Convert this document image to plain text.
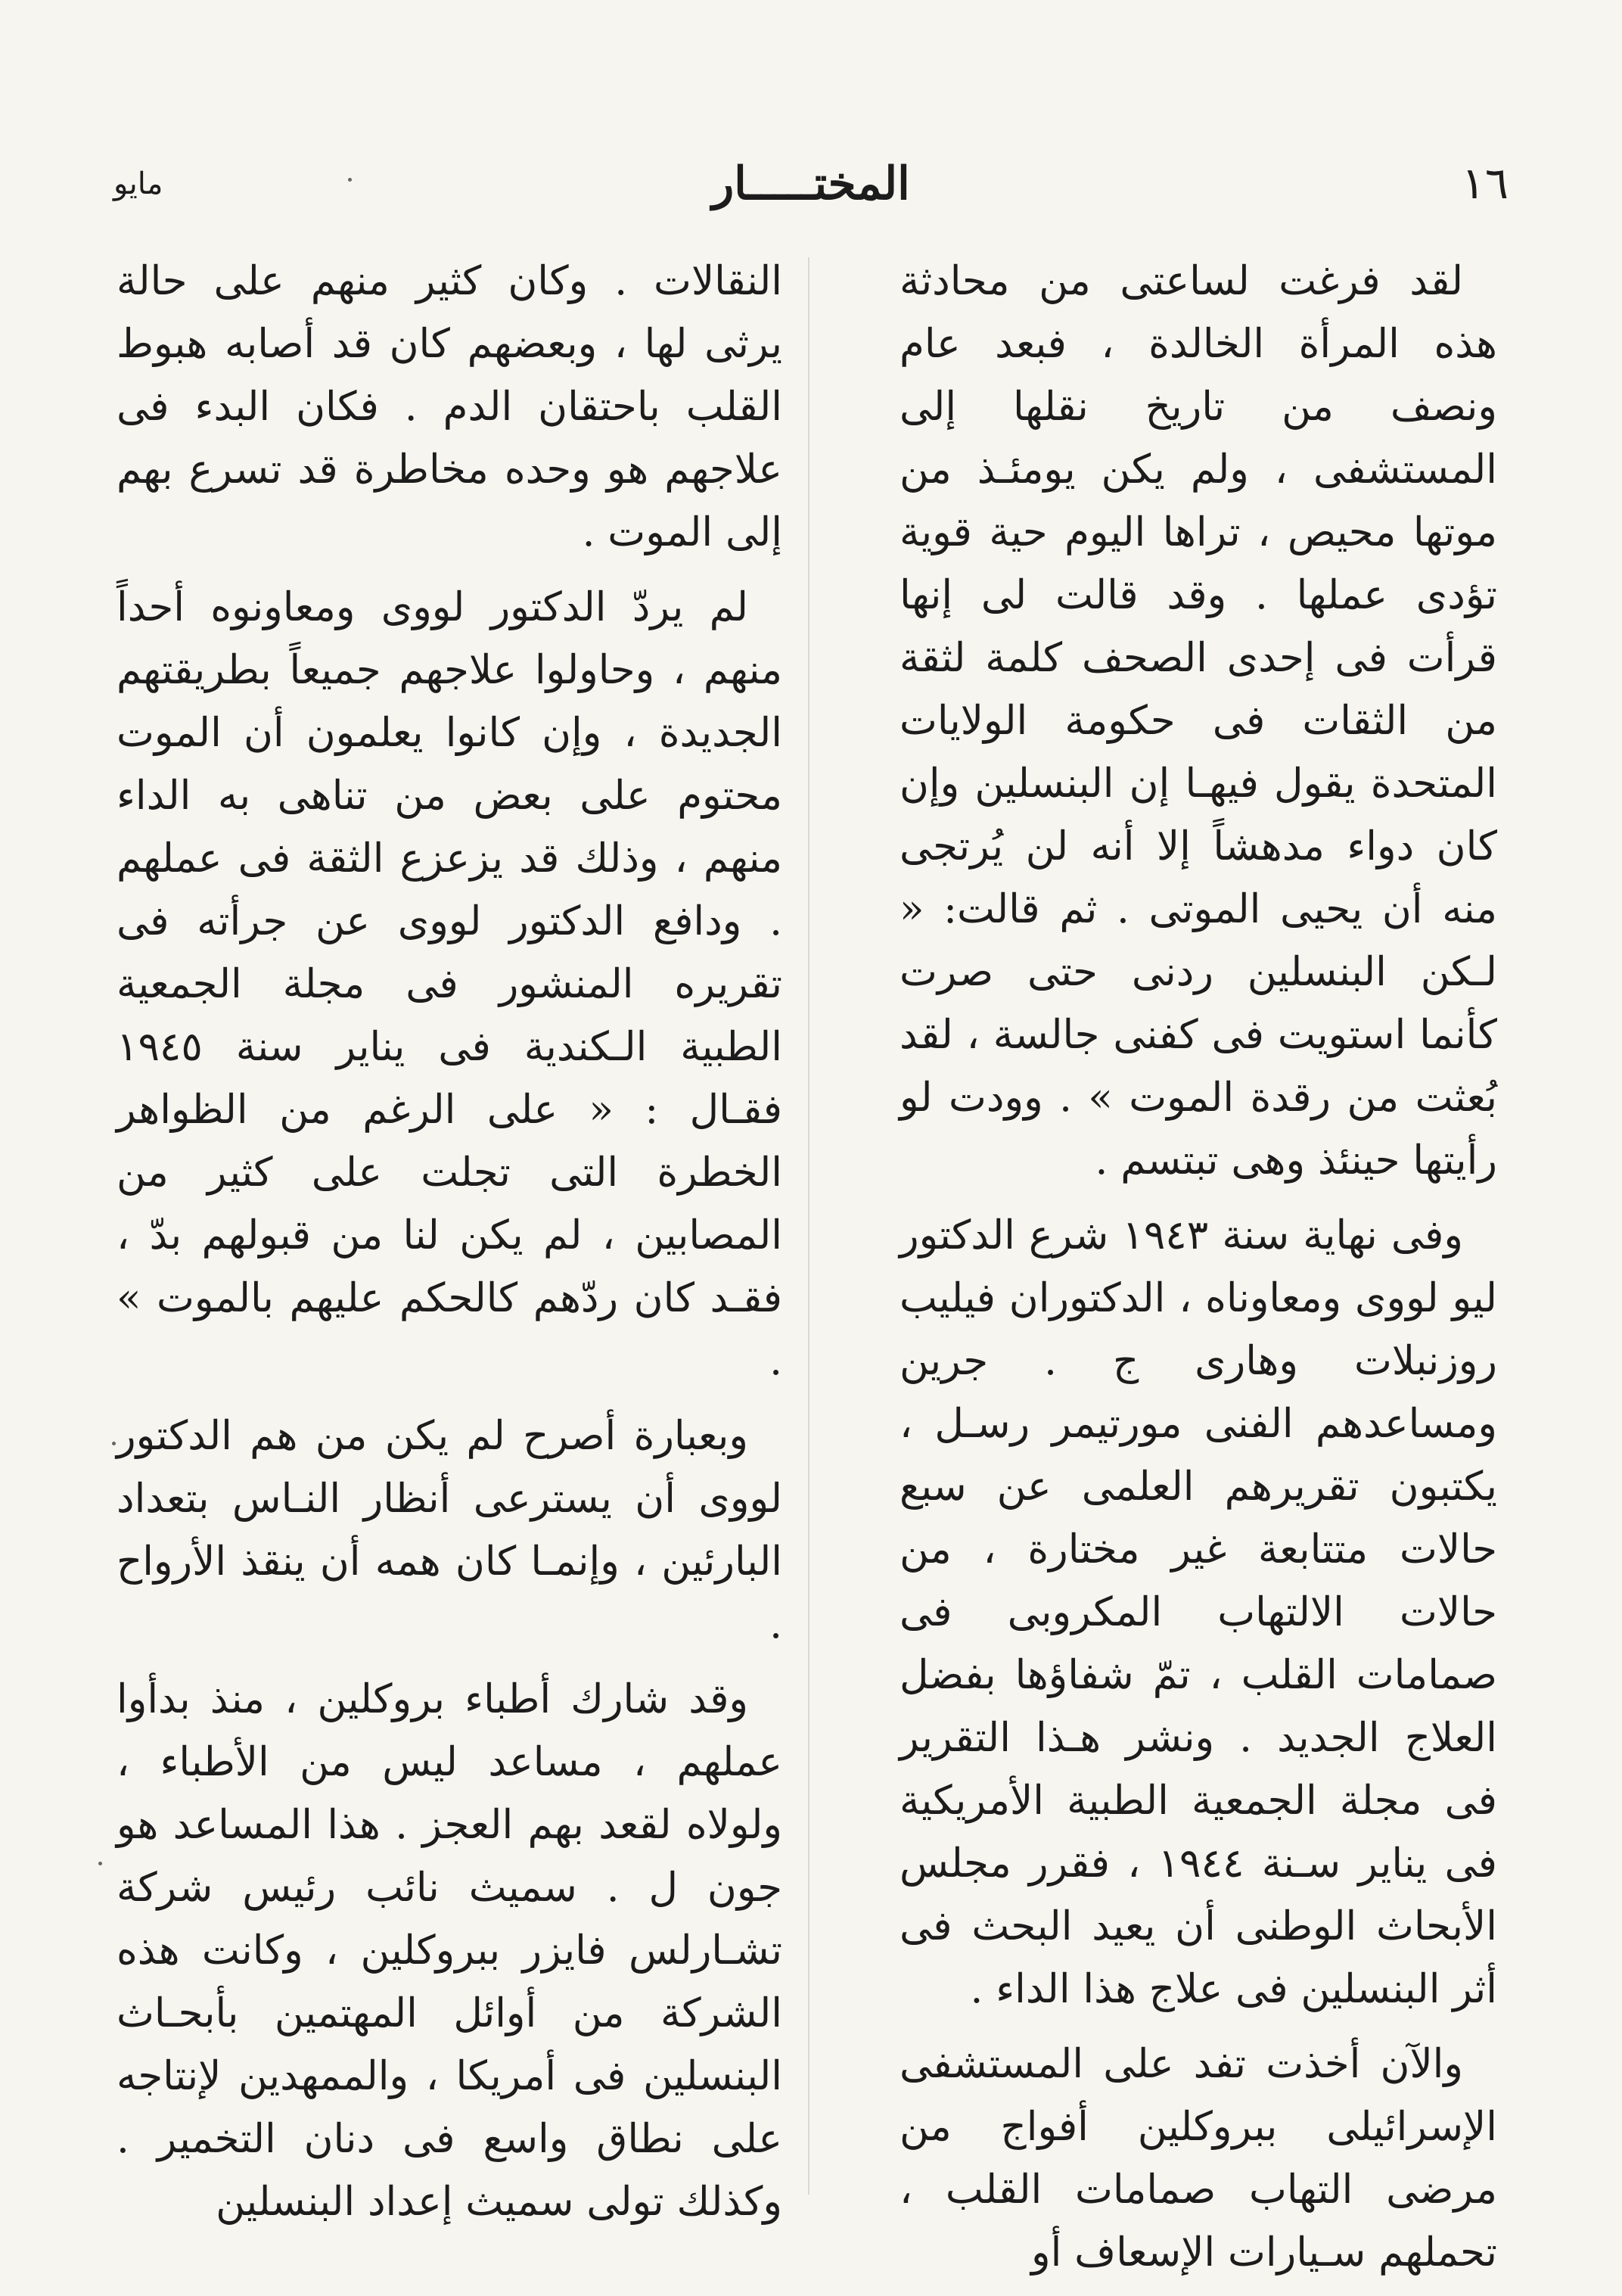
١٦
المختـــــار
مايو

لقد فرغت لساعتى من محادثة هذه المرأة الخالدة ، فبعد عام ونصف من تاريخ نقلها إلى المستشفى ، ولم يكن يومئـذ من موتها محيص ، تراها اليوم حية قوية تؤدى عملها . وقد قالت لى إنها قرأت فى إحدى الصحف كلمة لثقة من الثقات فى حكومة الولايات المتحدة يقول فيهـا إن البنسلين وإن كان دواء مدهشاً إلا أنه لن يُرتجى منه أن يحيى الموتى . ثم قالت: « لـكن البنسلين ردنى حتى صرت كأنما استويت فى كفنى جالسة ، لقد بُعثت من رقدة الموت » . وودت لو رأيتها حينئذ وهى تبتسم .

وفى نهاية سنة ١٩٤٣ شرع الدكتور ليو لووى ومعاوناه ، الدكتوران فيليب روزنبلات وهارى ج . جرين ومساعدهم الفنى مورتيمر رسـل ، يكتبون تقريرهم العلمى عن سبع حالات متتابعة غير مختارة ، من حالات الالتهاب المكروبى فى صمامات القلب ، تمّ شفاؤها بفضل العلاج الجديد . ونشر هـذا التقرير فى مجلة الجمعية الطبية الأمريكية فى يناير سـنة ١٩٤٤ ، فقرر مجلس الأبحاث الوطنى أن يعيد البحث فى أثر البنسلين فى علاج هذا الداء .

والآن أخذت تفد على المستشفى الإسرائيلى ببروكلين أفواج من مرضى التهاب صمامات القلب ، تحملهم سـيارات الإسعاف أو

النقالات . وكان كثير منهم على حالة يرثى لها ، وبعضهم كان قد أصابه هبوط القلب باحتقان الدم . فكان البدء فى علاجهم هو وحده مخاطرة قد تسرع بهم إلى الموت .

لم يردّ الدكتور لووى ومعاونوه أحداً منهم ، وحاولوا علاجهم جميعاً بطريقتهم الجديدة ، وإن كانوا يعلمون أن الموت محتوم على بعض من تناهى به الداء منهم ، وذلك قد يزعزع الثقة فى عملهم . ودافع الدكتور لووى عن جرأته فى تقريره المنشور فى مجلة الجمعية الطبية الـكندية فى يناير سنة ١٩٤٥ فقـال : « على الرغم من الظواهر الخطرة التى تجلت على كثير من المصابين ، لم يكن لنا من قبولهم بدّ ، فقـد كان ردّهم كالحكم عليهم بالموت » .

وبعبارة أصرح لم يكن من هم الدكتور لووى أن يسترعى أنظار النـاس بتعداد البارئين ، وإنمـا كان همه أن ينقذ الأرواح .

وقد شارك أطباء بروكلين ، منذ بدأوا عملهم ، مساعد ليس من الأطباء ، ولولاه لقعد بهم العجز . هذا المساعد هو جون ل . سميث نائب رئيس شركة تشـارلس فايزر ببروكلين ، وكانت هذه الشركة من أوائل المهتمين بأبحـاث البنسلين فى أمريكا ، والممهدين لإنتاجه على نطاق واسع فى دنان التخمير . وكذلك تولى سميث إعداد البنسلين
